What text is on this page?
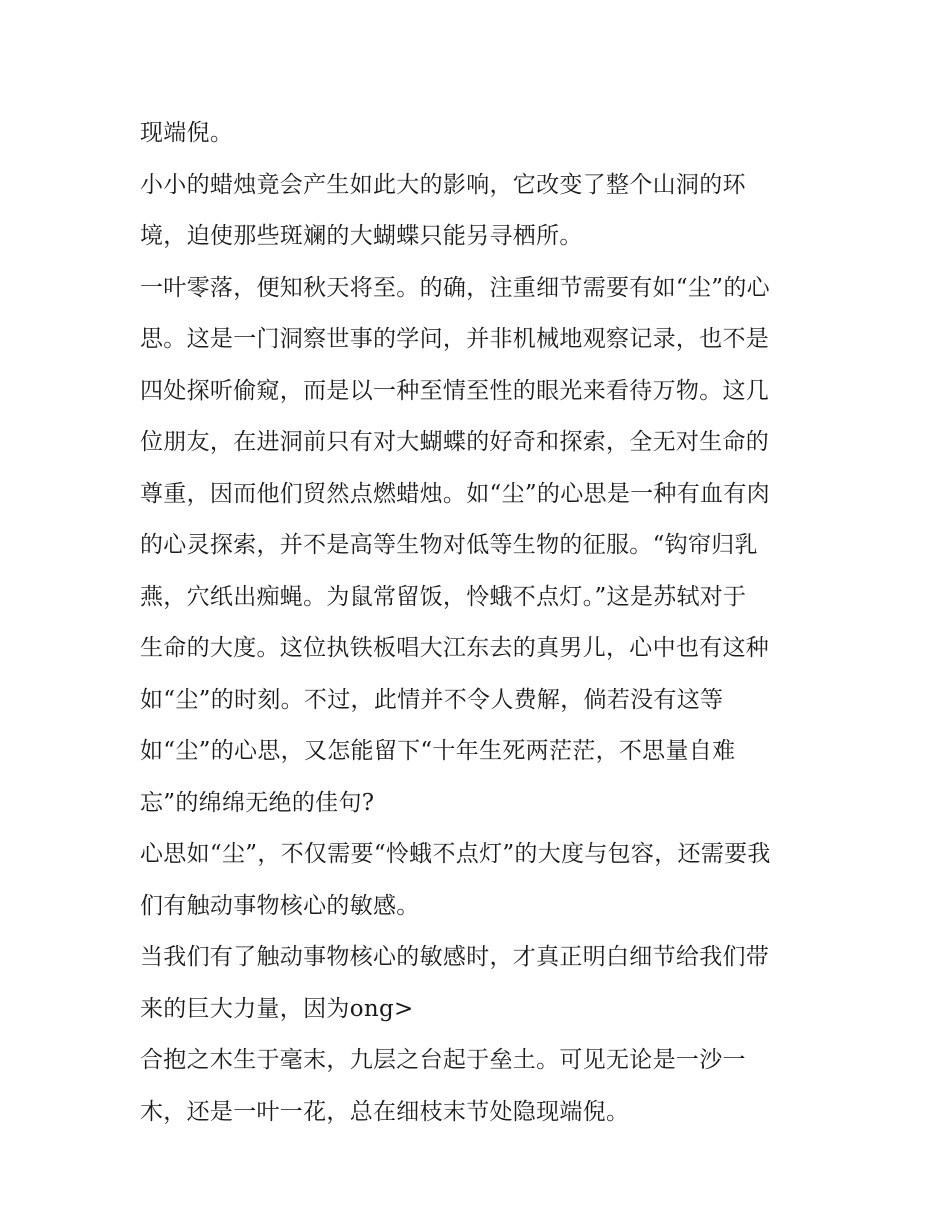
现端倪。
小小的蜡烛竟会产生如此大的影响，它改变了整个山洞的环
境，迫使那些斑斓的大蝴蝶只能另寻栖所。
一叶零落，便知秋天将至。的确，注重细节需要有如“尘”的心
思。这是一门洞察世事的学问，并非机械地观察记录，也不是
四处探听偷窥，而是以一种至情至性的眼光来看待万物。这几
位朋友，在进洞前只有对大蝴蝶的好奇和探索，全无对生命的
尊重，因而他们贸然点燃蜡烛。如“尘”的心思是一种有血有肉
的心灵探索，并不是高等生物对低等生物的征服。“钩帘归乳
燕，穴纸出痴蝇。为鼠常留饭，怜蛾不点灯。”这是苏轼对于
生命的大度。这位执铁板唱大江东去的真男儿，心中也有这种
如“尘”的时刻。不过，此情并不令人费解，倘若没有这等
如“尘”的心思，又怎能留下“十年生死两茫茫，不思量自难
忘”的绵绵无绝的佳句?
心思如“尘”，不仅需要“怜蛾不点灯”的大度与包容，还需要我
们有触动事物核心的敏感。
当我们有了触动事物核心的敏感时，才真正明白细节给我们带
来的巨大力量，因为ong>
合抱之木生于毫末，九层之台起于垒土。可见无论是一沙一
木，还是一叶一花，总在细枝末节处隐现端倪。
